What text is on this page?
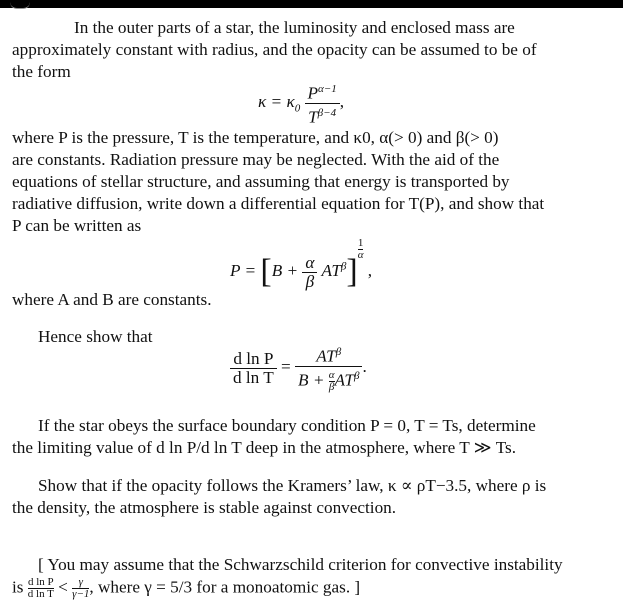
In the outer parts of a star, the luminosity and enclosed mass are
approximately constant with radius, and the opacity can be assumed to be of
the form
$\kappa = \kappa_0 \frac{P^{\alpha-1}}{T^{\beta-4}}$ ,
where P is the pressure, T is the temperature, and κ0, α(> 0) and β(> 0)
are constants. Radiation pressure may be neglected. With the aid of the
equations of stellar structure, and assuming that energy is transported by
radiative diffusion, write down a differential equation for T(P), and show that
P can be written as
$P = [B + \frac{\alpha}{\beta} AT^\beta]$
$\frac{1}{\alpha}$
,
where A and B are constants.
Hence show that
$\frac{\text{d ln P}}{\text{d ln T}} = \frac{AT^\beta}{B + \frac{\alpha}{\beta} AT^\beta}$ .
If the star obeys the surface boundary condition P = 0, T = Ts, determine
the limiting value of d ln P/d ln T deep in the atmosphere, where T ≫ Ts.
Show that if the opacity follows the Kramers’ law, κ ∝ ρT−3.5, where ρ is
the density, the atmosphere is stable against convection.
[ You may assume that the Schwarzschild criterion for convective instability
is $\frac{\text{d ln P}}{\text{d ln T}} < \frac{\gamma}{\gamma-1}$ , where γ = 5/3 for a monoatomic gas. ]
